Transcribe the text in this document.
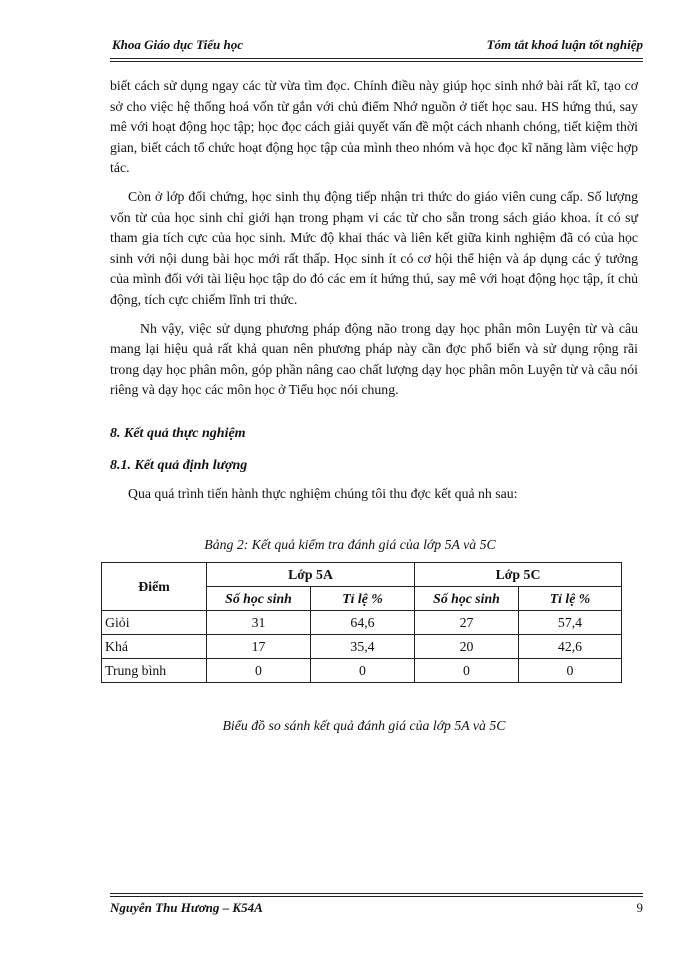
Khoa Giáo dục Tiểu học	Tóm tắt khoá luận tốt nghiệp

biết cách sử dụng ngay các từ vừa tìm đọc. Chính điều này giúp học sinh nhớ bài rất kĩ, tạo cơ sở cho việc hệ thống hoá vốn từ gắn với chủ điểm Nhớ nguồn ở tiết học sau. HS hứng thú, say mê với hoạt động học tập; học đọc cách giải quyết vấn đề một cách nhanh chóng, tiết kiệm thời gian, biết cách tổ chức hoạt động học tập của mình theo nhóm và học đọc kĩ năng làm việc hợp tác.

Còn ở lớp đối chứng, học sinh thụ động tiếp nhận tri thức do giáo viên cung cấp. Số lượng vốn từ của học sinh chỉ giới hạn trong phạm vi các từ cho sẵn trong sách giáo khoa. ít có sự tham gia tích cực của học sinh. Mức độ khai thác và liên kết giữa kinh nghiệm đã có của học sinh với nội dung bài học mới rất thấp. Học sinh ít có cơ hội thể hiện và áp dụng các ý tưởng của mình đối với tài liệu học tập do đó các em ít hứng thú, say mê với hoạt động học tập, ít chủ động, tích cực chiếm lĩnh tri thức.

Nh vậy, việc sử dụng phương pháp động não trong dạy học phân môn Luyện từ và câu mang lại hiệu quả rất khả quan nên phương pháp này cần đợc phổ biến và sử dụng rộng rãi trong dạy học phân môn, góp phần nâng cao chất lượng dạy học phân môn Luyện từ và câu nói riêng và dạy học các môn học ở Tiểu học nói chung.

8. Kết quả thực nghiệm
8.1. Kết quả định lượng
Qua quá trình tiến hành thực nghiệm chúng tôi thu đợc kết quả nh sau:
Bảng 2: Kết quả kiểm tra đánh giá của lớp 5A và 5C
Điểm	Lớp 5A		Lớp 5C	
	Số học sinh	Tỉ lệ %	Số học sinh	Tỉ lệ %
Giỏi	31	64,6	27	57,4
Khá	17	35,4	20	42,6
Trung bình	0	0	0	0
Biểu đồ so sánh kết quả đánh giá của lớp 5A và 5C
Nguyễn Thu Hương – K54A	9
